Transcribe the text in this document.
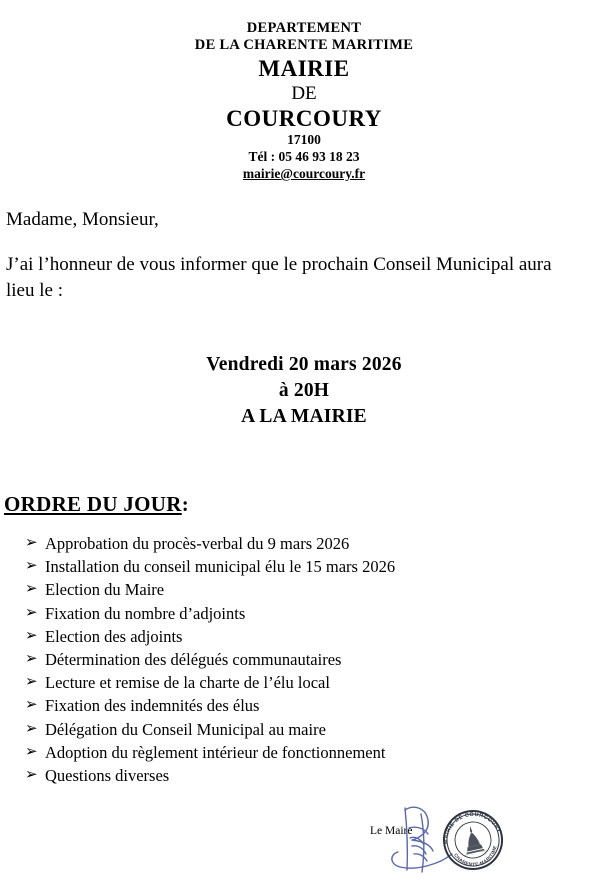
DEPARTEMENT
DE LA CHARENTE MARITIME
MAIRIE
DE
COURCOURY
17100
Tél : 05 46 93 18 23
mairie@courcoury.fr

Madame, Monsieur,

J’ai l’honneur de vous informer que le prochain Conseil Municipal aura lieu le :

Vendredi 20 mars 2026
à 20H
A LA MAIRIE
ORDRE DU JOUR:
➢ Approbation du procès-verbal du 9 mars 2026
➢ Installation du conseil municipal élu le 15 mars 2026
➢ Election du Maire
➢ Fixation du nombre d’adjoints
➢ Election des adjoints
➢ Détermination des délégués communautaires
➢ Lecture et remise de la charte de l’élu local
➢ Fixation des indemnités des élus
➢ Délégation du Conseil Municipal au maire
➢ Adoption du règlement intérieur de fonctionnement
➢ Questions diverses
Le Maire
MAIRIE DE COURCOURY
CHARENTE-MARITIME
